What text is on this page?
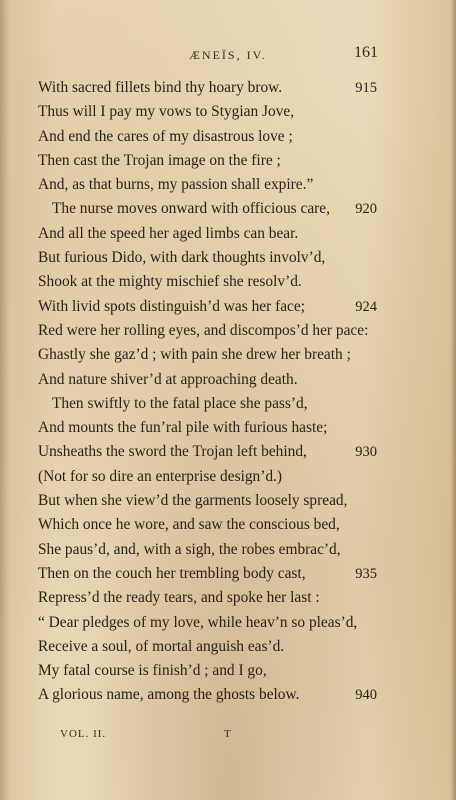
ÆNEÏS, IV.	161
With sacred fillets bind thy hoary brow.	915
Thus will I pay my vows to Stygian Jove,
And end the cares of my disastrous love ;
Then cast the Trojan image on the fire ;
And, as that burns, my passion shall expire.”
The nurse moves onward with officious care, 920
And all the speed her aged limbs can bear.
But furious Dido, with dark thoughts involv’d,
Shook at the mighty mischief she resolv’d.
With livid spots distinguish’d was her face;	924
Red were her rolling eyes, and discompos’d her pace:
Ghastly she gaz’d ; with pain she drew her breath ;
And nature shiver’d at approaching death.
Then swiftly to the fatal place she pass’d,
And mounts the fun’ral pile with furious haste;
Unsheaths the sword the Trojan left behind,	930
(Not for so dire an enterprise design’d.)
But when she view’d the garments loosely spread,
Which once he wore, and saw the conscious bed,
She paus’d, and, with a sigh, the robes embrac’d,
Then on the couch her trembling body cast,	935
Repress’d the ready tears, and spoke her last :
“ Dear pledges of my love, while heav’n so pleas’d,
Receive a soul, of mortal anguish eas’d.
My fatal course is finish’d ; and I go,
A glorious name, among the ghosts below.	940
VOL. II.	T
